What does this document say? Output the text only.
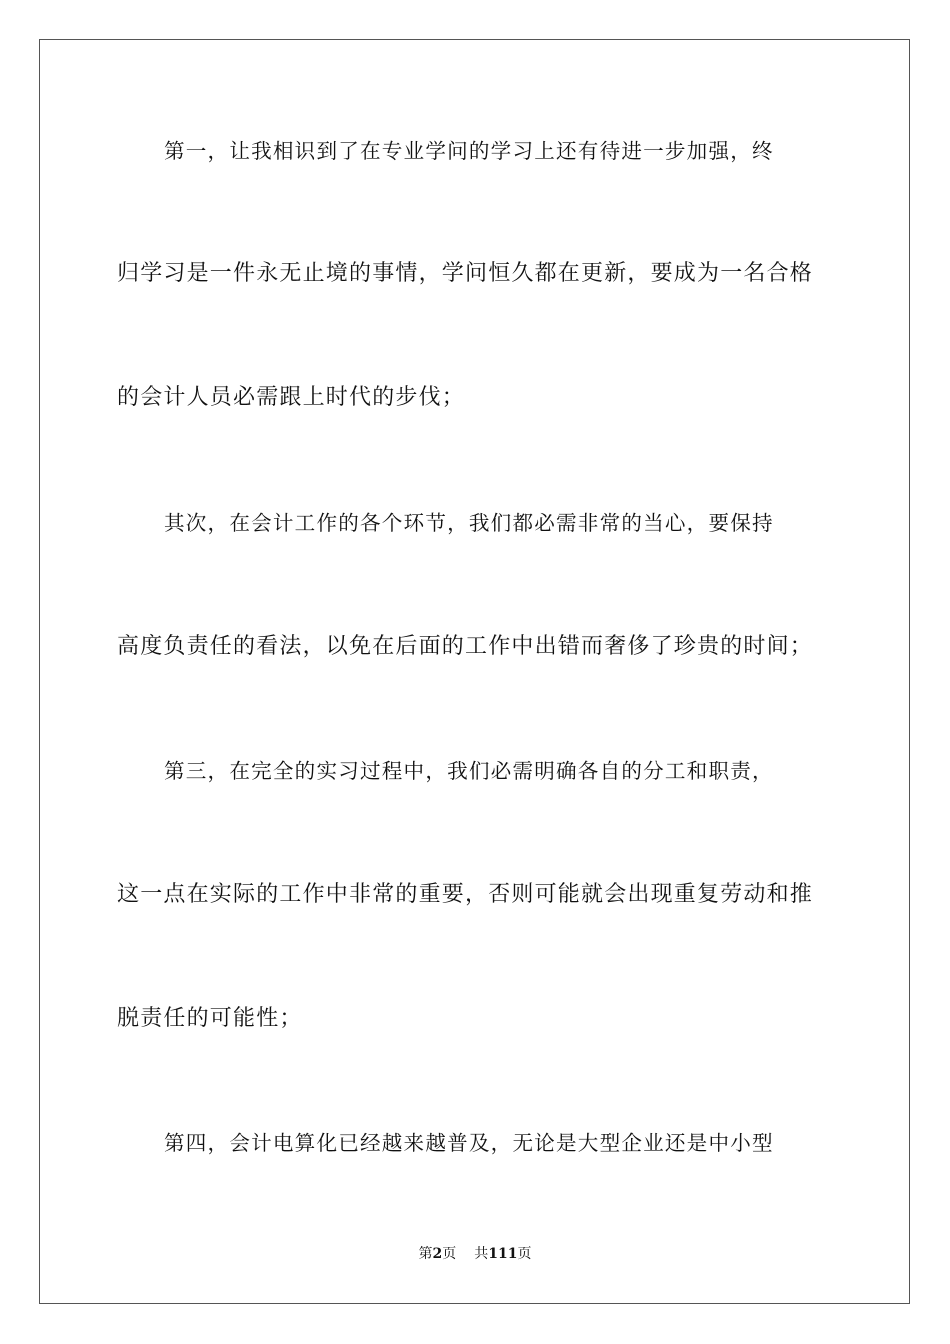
第一，让我相识到了在专业学问的学习上还有待进一步加强，终
归学习是一件永无止境的事情，学问恒久都在更新，要成为一名合格
的会计人员必需跟上时代的步伐；
其次，在会计工作的各个环节，我们都必需非常的当心，要保持
高度负责任的看法，以免在后面的工作中出错而奢侈了珍贵的时间；
第三，在完全的实习过程中，我们必需明确各自的分工和职责，
这一点在实际的工作中非常的重要，否则可能就会出现重复劳动和推
脱责任的可能性；
第四，会计电算化已经越来越普及，无论是大型企业还是中小型
第2页 共111页
